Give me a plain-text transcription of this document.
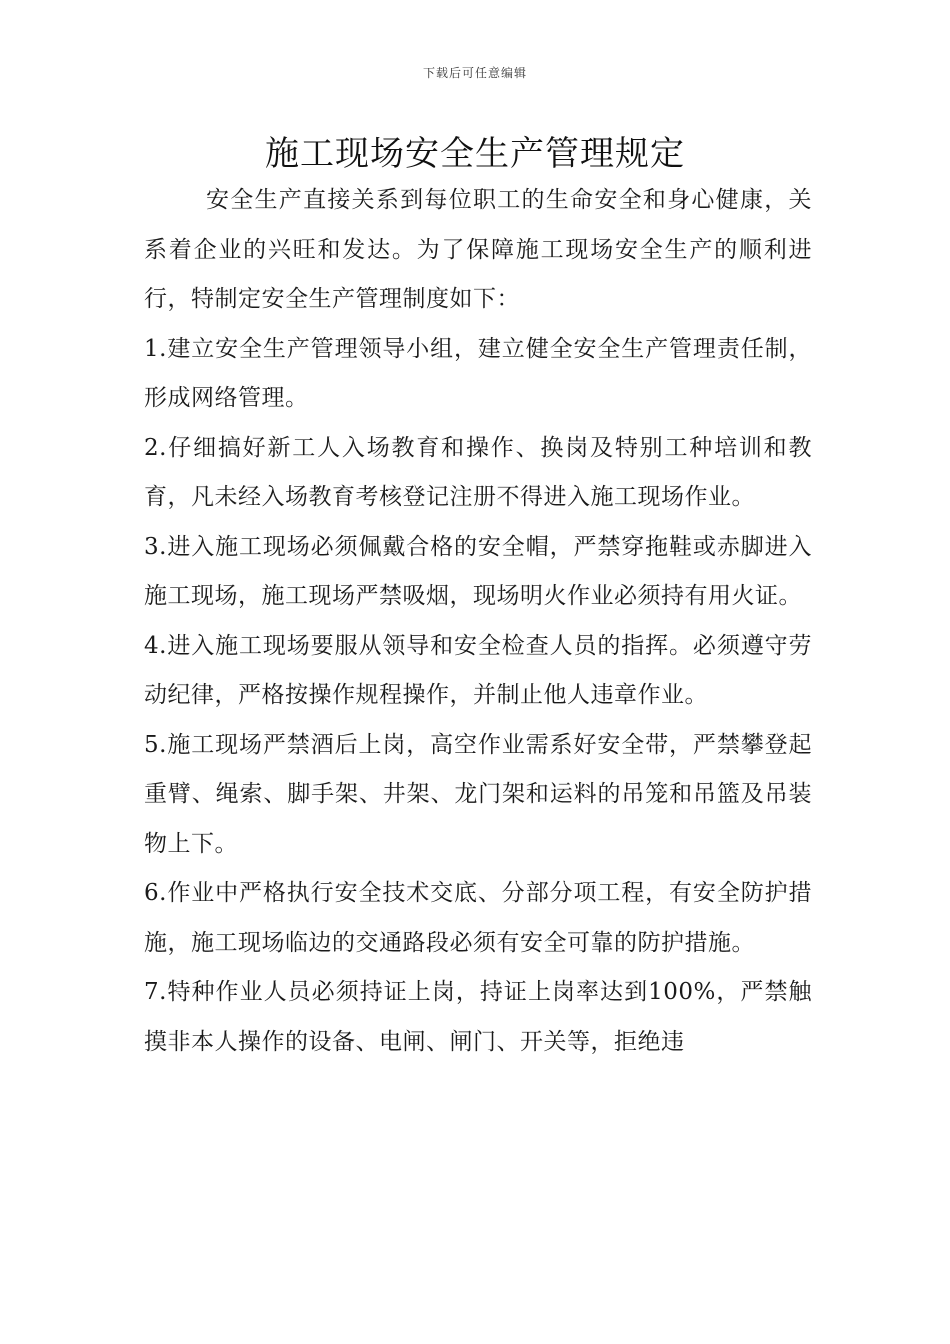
下载后可任意编辑
施工现场安全生产管理规定

安全生产直接关系到每位职工的生命安全和身心健康，关系着企业的兴旺和发达。为了保障施工现场安全生产的顺利进行，特制定安全生产管理制度如下：

1.建立安全生产管理领导小组，建立健全安全生产管理责任制，形成网络管理。

2.仔细搞好新工人入场教育和操作、换岗及特别工种培训和教育，凡未经入场教育考核登记注册不得进入施工现场作业。

3.进入施工现场必须佩戴合格的安全帽，严禁穿拖鞋或赤脚进入施工现场，施工现场严禁吸烟，现场明火作业必须持有用火证。

4.进入施工现场要服从领导和安全检查人员的指挥。必须遵守劳动纪律，严格按操作规程操作，并制止他人违章作业。

5.施工现场严禁酒后上岗，高空作业需系好安全带，严禁攀登起重臂、绳索、脚手架、井架、龙门架和运料的吊笼和吊篮及吊装物上下。

6.作业中严格执行安全技术交底、分部分项工程，有安全防护措施，施工现场临边的交通路段必须有安全可靠的防护措施。

7.特种作业人员必须持证上岗，持证上岗率达到100%，严禁触摸非本人操作的设备、电闸、闸门、开关等，拒绝违
